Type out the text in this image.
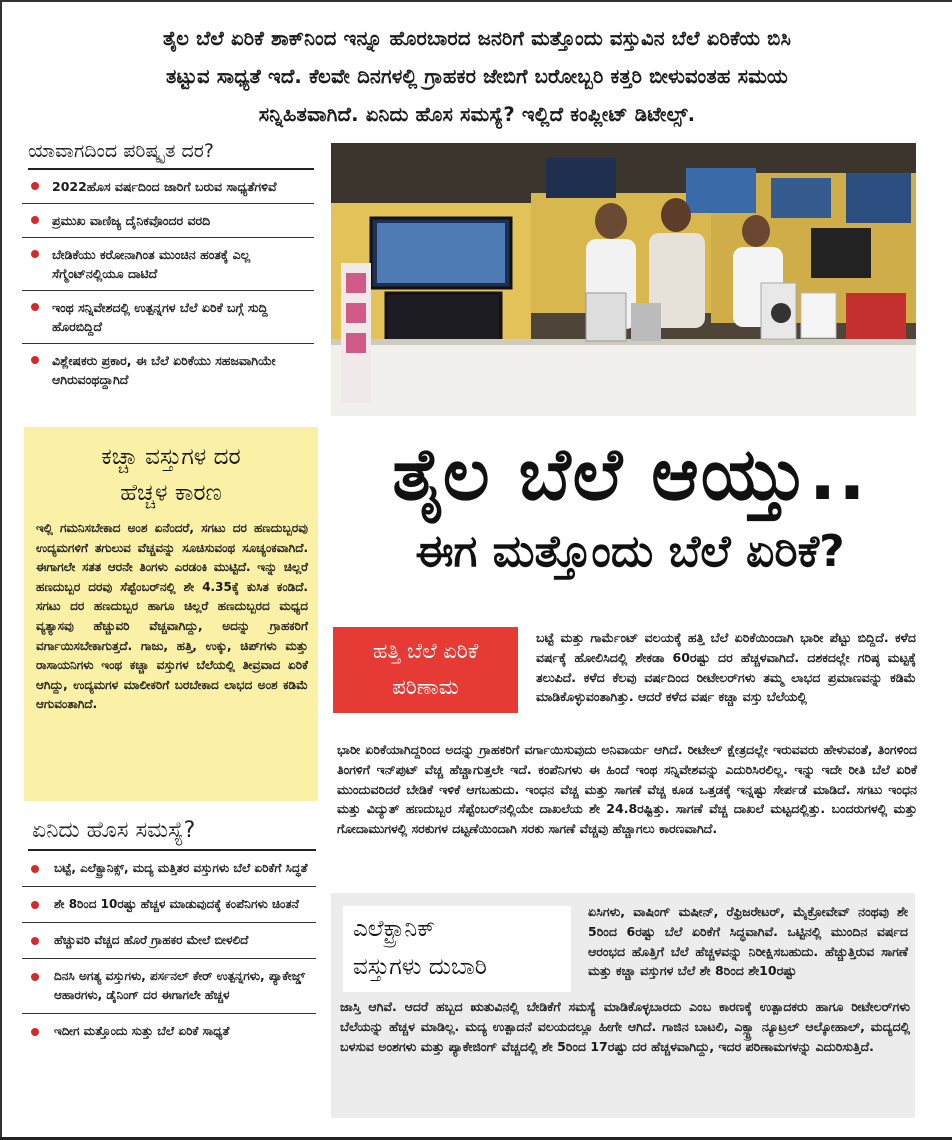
ತೈಲ ಬೆಲೆ ಏರಿಕೆ ಶಾಕ್‌ನಿಂದ ಇನ್ನೂ ಹೊರಬಾರದ ಜನರಿಗೆ ಮತ್ತೊಂದು ವಸ್ತುವಿನ ಬೆಲೆ ಏರಿಕೆಯ ಬಿಸಿ
ತಟ್ಟುವ ಸಾಧ್ಯತೆ ಇದೆ. ಕೆಲವೇ ದಿನಗಳಲ್ಲಿ ಗ್ರಾಹಕರ ಜೇಬಿಗೆ ಬರೋಬ್ಬರಿ ಕತ್ತರಿ ಬೀಳುವಂತಹ ಸಮಯ
ಸನ್ನಿಹಿತವಾಗಿದೆ. ಏನಿದು ಹೊಸ ಸಮಸ್ಯೆ? ಇಲ್ಲಿದೆ ಕಂಪ್ಲೀಟ್ ಡಿಟೇಲ್ಸ್.
ಯಾವಾಗದಿಂದ ಪರಿಷ್ಕೃತ ದರ?
2022ಹೊಸ ವರ್ಷದಿಂದ ಜಾರಿಗೆ ಬರುವ ಸಾಧ್ಯತೆಗಳಿವೆ
ಪ್ರಮುಖ ವಾಣಿಜ್ಯ ದೈನಿಕವೊಂದರ ವರದಿ
ಬೇಡಿಕೆಯು ಕರೋನಾಗಿಂತ ಮುಂಚಿನ ಹಂತಕ್ಕೆ ಎಲ್ಲ ಸೆಗ್ಮೆಂಟ್‌ನಲ್ಲಿಯೂ ದಾಟಿದೆ
ಇಂಥ ಸನ್ನಿವೇಶದಲ್ಲಿ ಉತ್ಪನ್ನಗಳ ಬೆಲೆ ಏರಿಕೆ ಬಗ್ಗೆ ಸುದ್ದಿ ಹೊರಬಿದ್ದಿದೆ
ವಿಶ್ಲೇಷಕರು ಪ್ರಕಾರ, ಈ ಬೆಲೆ ಏರಿಕೆಯು ಸಹಜವಾಗಿಯೇ ಆಗಿರುವಂಥದ್ದಾಗಿದೆ
ಕಚ್ಚಾ ವಸ್ತುಗಳ ದರ
ಹೆಚ್ಚಳ ಕಾರಣ
ಇಲ್ಲಿ ಗಮನಿಸಬೇಕಾದ ಅಂಶ ಏನೆಂದರೆ, ಸಗಟು ದರ ಹಣದುಬ್ಬರವು ಉದ್ಯಮಗಳಿಗೆ ತಗುಲುವ ವೆಚ್ಚವನ್ನು ಸೂಚಿಸುವಂಥ ಸೂಚ್ಯಂಕವಾಗಿದೆ. ಈಗಾಗಲೇ ಸತತ ಆರನೇ ತಿಂಗಳು ಎರಡಂಕಿ ಮುಟ್ಟಿದೆ. ಇನ್ನು ಚಿಲ್ಲರೆ ಹಣದುಬ್ಬರ ದರವು ಸೆಪ್ಟೆಂಬರ್‌ನಲ್ಲಿ ಶೇ 4.35ಕ್ಕೆ ಕುಸಿತ ಕಂಡಿದೆ. ಸಗಟು ದರ ಹಣದುಬ್ಬರ ಹಾಗೂ ಚಿಲ್ಲರೆ ಹಣದುಬ್ಬರದ ಮಧ್ಯದ ವ್ಯತ್ಯಾಸವು ಹೆಚ್ಚುವರಿ ವೆಚ್ಚವಾಗಿದ್ದು, ಅದನ್ನು ಗ್ರಾಹಕರಿಗೆ ವರ್ಗಾಯಿಸಬೇಕಾಗುತ್ತದೆ. ಗಾಜು, ಹತ್ತಿ, ಉಕ್ಕು, ಚಿಪ್‌ಗಳು ಮತ್ತು ರಾಸಾಯನಿಗಳು ಇಂಥ ಕಚ್ಚಾ ವಸ್ತುಗಳ ಬೆಲೆಯಲ್ಲಿ ತೀವ್ರವಾದ ಏರಿಕೆ ಆಗಿದ್ದು, ಉದ್ಯಮಗಳ ಮಾಲೀಕರಿಗೆ ಬರಬೇಕಾದ ಲಾಭದ ಅಂಶ ಕಡಿಮೆ ಆಗುವಂತಾಗಿದೆ.
ಏನಿದು ಹೊಸ ಸಮಸ್ಯೆ?
ಬಟ್ಟೆ, ಎಲೆಕ್ಟ್ರಾನಿಕ್ಸ್, ಮದ್ಯ ಮತ್ತಿತರ ವಸ್ತುಗಳು ಬೆಲೆ ಏರಿಕೆಗೆ ಸಿದ್ಧತೆ
ಶೇ 8ರಿಂದ 10ರಷ್ಟು ಹೆಚ್ಚಳ ಮಾಡುವುದಕ್ಕೆ ಕಂಪೆನಿಗಳು ಚಿಂತನೆ
ಹೆಚ್ಚುವರಿ ವೆಚ್ಚದ ಹೊರೆ ಗ್ರಾಹಕರ ಮೇಲೆ ಬೀಳಲಿದೆ
ದಿನಸಿ ಅಗತ್ಯ ವಸ್ತುಗಳು, ಪರ್ಸನಲ್ ಕೇರ್ ಉತ್ಪನ್ನಗಳು, ಪ್ಯಾಕೇಜ್ಡ್ ಆಹಾರಗಳು, ಡೈನಿಂಗ್ ದರ ಈಗಾಗಲೇ ಹೆಚ್ಚಳ
ಇದೀಗ ಮತ್ತೊಂದು ಸುತ್ತು ಬೆಲೆ ಏರಿಕೆ ಸಾಧ್ಯತೆ
ತೈಲ ಬೆಲೆ ಆಯ್ತು..
ಈಗ ಮತ್ತೊಂದು ಬೆಲೆ ಏರಿಕೆ?
ಹತ್ತಿ ಬೆಲೆ ಏರಿಕೆ
ಪರಿಣಾಮ
ಬಟ್ಟೆ ಮತ್ತು ಗಾರ್ಮೆಂಟ್ ವಲಯಕ್ಕೆ ಹತ್ತಿ ಬೆಲೆ ಏರಿಕೆಯಿಂದಾಗಿ ಭಾರೀ ಪೆಟ್ಟು ಬಿದ್ದಿದೆ. ಕಳೆದ ವರ್ಷಕ್ಕೆ ಹೋಲಿಸಿದಲ್ಲಿ ಶೇಕಡಾ 60ರಷ್ಟು ದರ ಹೆಚ್ಚಳವಾಗಿದೆ. ದಶಕದಲ್ಲೇ ಗರಿಷ್ಠ ಮಟ್ಟಕ್ಕೆ ತಲುಪಿದೆ. ಕಳೆದ ಕೆಲವು ವರ್ಷದಿಂದ ರೀಟೇಲರ್‌ಗಳು ತಮ್ಮ ಲಾಭದ ಪ್ರಮಾಣವನ್ನು ಕಡಿಮೆ ಮಾಡಿಕೊಳ್ಳುವಂತಾಗಿತ್ತು. ಆದರೆ ಕಳೆದ ವರ್ಷ ಕಚ್ಚಾ ವಸ್ತು ಬೆಲೆಯಲ್ಲಿ
ಭಾರೀ ಏರಿಕೆಯಾಗಿದ್ದರಿಂದ ಅದನ್ನು ಗ್ರಾಹಕರಿಗೆ ವರ್ಗಾಯಿಸುವುದು ಅನಿವಾರ್ಯ ಆಗಿದೆ. ರೀಟೇಲ್ ಕ್ಷೇತ್ರದಲ್ಲೇ ಇರುವವರು ಹೇಳುವಂತೆ, ತಿಂಗಳಿಂದ ತಿಂಗಳಿಗೆ ಇನ್‌ಪುಟ್ ವೆಚ್ಚ ಹೆಚ್ಚಾಗುತ್ತಲೇ ಇದೆ. ಕಂಪೆನಿಗಳು ಈ ಹಿಂದೆ ಇಂಥ ಸನ್ನಿವೇಶವನ್ನು ಎದುರಿಸಿರಲಿಲ್ಲ. ಇನ್ನು ಇದೇ ರೀತಿ ಬೆಲೆ ಏರಿಕೆ ಮುಂದುವರಿದರೆ ಬೇಡಿಕೆ ಇಳಿಕೆ ಆಗಬಹುದು. ಇಂಧನ ವೆಚ್ಚ ಮತ್ತು ಸಾಗಣೆ ವೆಚ್ಚ ಕೂಡ ಒತ್ತಡಕ್ಕೆ ಇನ್ನಷ್ಟು ಸೇರ್ಪಡೆ ಮಾಡಿದೆ. ಸಗಟು ಇಂಧನ ಮತ್ತು ವಿದ್ಯುತ್ ಹಣದುಬ್ಬರ ಸೆಪ್ಟೆಂಬರ್‌ನಲ್ಲಿಯೇ ದಾಖಲೆಯ ಶೇ 24.8ರಷ್ಟಿತ್ತು. ಸಾಗಣೆ ವೆಚ್ಚ ದಾಖಲೆ ಮಟ್ಟದಲ್ಲಿತ್ತು. ಬಂದರುಗಳಲ್ಲಿ ಮತ್ತು ಗೋದಾಮುಗಳಲ್ಲಿ ಸರಕುಗಳ ದಟ್ಟಣೆಯಿಂದಾಗಿ ಸರಕು ಸಾಗಣೆ ವೆಚ್ಚವು ಹೆಚ್ಚಾಗಲು ಕಾರಣವಾಗಿದೆ.
ಎಲೆಕ್ಟ್ರಾನಿಕ್
ವಸ್ತುಗಳು ದುಬಾರಿ
ಏಸಿಗಳು, ವಾಷಿಂಗ್ ಮಷೀನ್, ರೆಫ್ರಿಜರೇಟರ್, ಮೈಕ್ರೋವೇವ್ ನಂಥವು ಶೇ 5ರಿಂದ 6ರಷ್ಟು ಬೆಲೆ ಏರಿಕೆಗೆ ಸಿದ್ಧವಾಗಿವೆ. ಒಟ್ಟಿನಲ್ಲಿ ಮುಂದಿನ ವರ್ಷದ ಆರಂಭದ ಹೊತ್ತಿಗೆ ಬೆಲೆ ಹೆಚ್ಚಳವನ್ನು ನಿರೀಕ್ಷಿಸಬಹುದು. ಹೆಚ್ಚುತ್ತಿರುವ ಸಾಗಣೆ ಮತ್ತು ಕಚ್ಚಾ ವಸ್ತುಗಳ ಬೆಲೆ ಶೇ 8ರಿಂದ ಶೇ10ರಷ್ಟು
ಜಾಸ್ತಿ ಆಗಿವೆ. ಆದರೆ ಹಬ್ಬದ ಋತುವಿನಲ್ಲಿ ಬೇಡಿಕೆಗೆ ಸಮಸ್ಯೆ ಮಾಡಿಕೊಳ್ಳಬಾರದು ಎಂಬ ಕಾರಣಕ್ಕೆ ಉತ್ಪಾದಕರು ಹಾಗೂ ರೀಟೇಲರ್‌ಗಳು ಬೆಲೆಯನ್ನು ಹೆಚ್ಚಳ ಮಾಡಿಲ್ಲ. ಮದ್ಯ ಉತ್ಪಾದನೆ ವಲಯದಲ್ಲೂ ಹೀಗೇ ಆಗಿದೆ. ಗಾಜಿನ ಬಾಟಲಿ, ಎಕ್ಸ್ಟ್ರಾ ನ್ಯೂಟ್ರಲ್ ಆಲ್ಕೋಹಾಲ್, ಮದ್ಯದಲ್ಲಿ ಬಳಸುವ ಅಂಶಗಳು ಮತ್ತು ಪ್ಯಾಕೇಜಿಂಗ್ ವೆಚ್ಚದಲ್ಲಿ ಶೇ 5ರಿಂದ 17ರಷ್ಟು ದರ ಹೆಚ್ಚಳವಾಗಿದ್ದು, ಇದರ ಪರಿಣಾಮಗಳನ್ನು ಎದುರಿಸುತ್ತಿದೆ.
